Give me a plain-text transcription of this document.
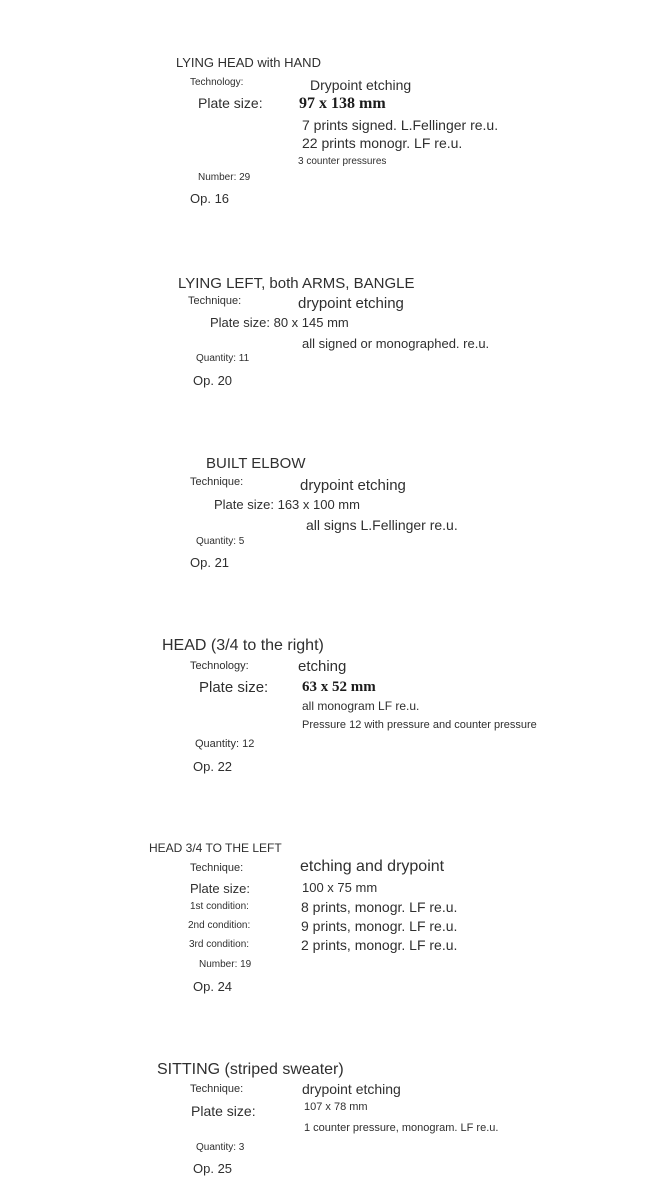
LYING HEAD with HAND
Technology:	Drypoint etching
Plate size: 97 x 138 mm
7 prints signed. L.Fellinger re.u.
22 prints monogr. LF re.u.
3 counter pressures
Number: 29
Op. 16
LYING LEFT, both ARMS, BANGLE
Technique:	drypoint etching
Plate size: 80 x 145 mm
all signed or monographed. re.u.
Quantity: 11
Op. 20
BUILT ELBOW
Technique:	drypoint etching
Plate size: 163 x 100 mm
all signs L.Fellinger re.u.
Quantity: 5
Op. 21
HEAD (3/4 to the right)
Technology:	etching
Plate size: 63 x 52 mm
all monogram LF re.u.
Pressure 12 with pressure and counter pressure
Quantity: 12
Op. 22
HEAD 3/4 TO THE LEFT
Technique:	etching and drypoint
Plate size:	100 x 75 mm
1st condition:	8 prints, monogr. LF re.u.
2nd condition:	9 prints, monogr. LF re.u.
3rd condition:	2 prints, monogr. LF re.u.
Number: 19
Op. 24
SITTING (striped sweater)
Technique:	drypoint etching
Plate size:	107 x 78 mm
1 counter pressure, monogram. LF re.u.
Quantity: 3
Op. 25
